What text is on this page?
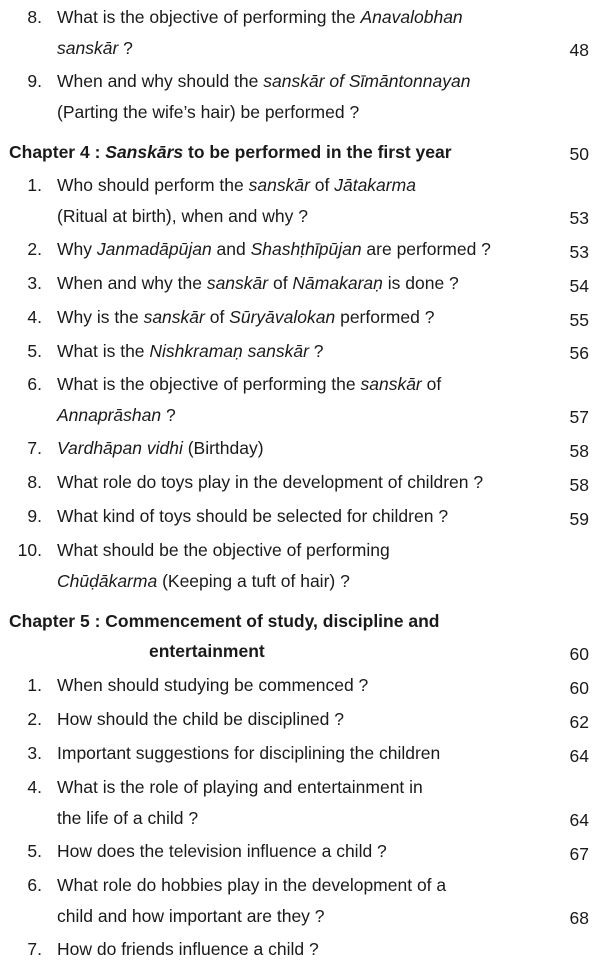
8. What is the objective of performing the Anavalobhan
sanskār ?
9. When and why should the sanskār of Sīmāntonnayan
(Parting the wife’s hair) be performed ?
48
Chapter 4 : Sanskārs to be performed in the first year
1. Who should perform the sanskār of Jātakarma
(Ritual at birth), when and why ?
50
2. Why Janmadāpūjan and Shashṭhīpūjan are performed ?
53
3. When and why the sanskār of Nāmakaraṇ is done ?
53
4. Why is the sanskār of Sūryāvalokan performed ?
54
5. What is the Nishkramaṇ sanskār ?
55
6. What is the objective of performing the sanskār of
Annaprāshan ?
56
7. Vardhāpan vidhi (Birthday)
57
8. What role do toys play in the development of children ?
58
9. What kind of toys should be selected for children ?
58
10. What should be the objective of performing
Chūḍākarma (Keeping a tuft of hair) ?
59
Chapter 5 : Commencement of study, discipline and
entertainment
1. When should studying be commenced ?
60
2. How should the child be disciplined ?
60
3. Important suggestions for disciplining the children
62
4. What is the role of playing and entertainment in
the life of a child ?
64
5. How does the television influence a child ?
64
6. What role do hobbies play in the development of a
child and how important are they ?
67
7. How do friends influence a child ?
68
